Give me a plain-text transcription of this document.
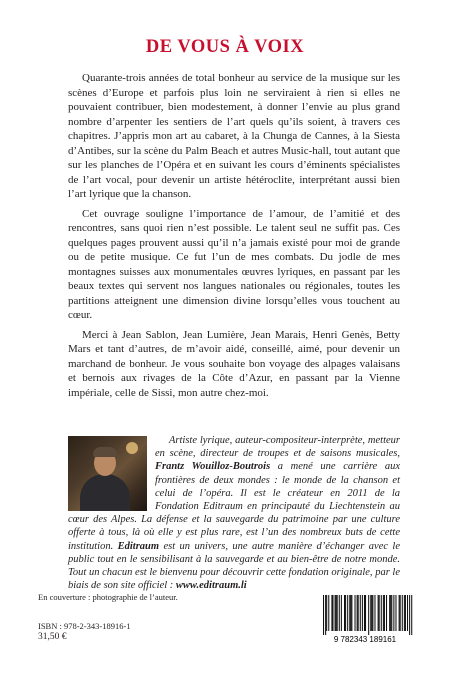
DE VOUS À VOIX

Quarante-trois années de total bonheur au service de la musique sur les scènes d’Europe et parfois plus loin ne serviraient à rien si elles ne pouvaient contribuer, bien modestement, à donner l’envie au plus grand nombre d’arpenter les sentiers de l’art quels qu’ils soient, à travers ces chapitres. J’appris mon art au cabaret, à la Chunga de Cannes, à la Siesta d’Antibes, sur la scène du Palm Beach et autres Music-hall, tout autant que sur les planches de l’Opéra et en suivant les cours d’éminents spécialistes de l’art vocal, pour devenir un artiste hétéroclite, interprétant aussi bien l’art lyrique que la chanson.

Cet ouvrage souligne l’importance de l’amour, de l’amitié et des rencontres, sans quoi rien n’est possible. Le talent seul ne suffit pas. Ces quelques pages prouvent aussi qu’il n’a jamais existé pour moi de grande ou de petite musique. Ce fut l’un de mes combats. Du jodle de mes montagnes suisses aux monumentales œuvres lyriques, en passant par les beaux textes qui servent nos langues nationales ou régionales, toutes les partitions atteignent une dimension divine lorsqu’elles vous touchent au cœur.

Merci à Jean Sablon, Jean Lumière, Jean Marais, Henri Genès, Betty Mars et tant d’autres, de m’avoir aidé, conseillé, aimé, pour devenir un marchand de bonheur. Je vous souhaite bon voyage des alpages valaisans et bernois aux rivages de la Côte d’Azur, en passant par la Vienne impériale, celle de Sissi, mon autre chez-moi.

Artiste lyrique, auteur-compositeur-interprète, metteur en scène, directeur de troupes et de saisons musicales, Frantz Wouilloz-Boutrois a mené une carrière aux frontières de deux mondes : le monde de la chanson et celui de l’opéra. Il est le créateur en 2011 de la Fondation Editraum en principauté du Liechtenstein au cœur des Alpes. La défense et la sauvegarde du patrimoine par une culture offerte à tous, là où elle y est plus rare, est l’un des nombreux buts de cette institution. Editraum est un univers, une autre manière d’échanger avec le public tout en le sensibilisant à la sauvegarde et au bien-être de notre monde. Tout un chacun est le bienvenu pour découvrir cette fondation originale, par le biais de son site officiel : www.editraum.li

En couverture : photographie de l’auteur.
ISBN : 978-2-343-18916-1
31,50 €	9 782343 189161
